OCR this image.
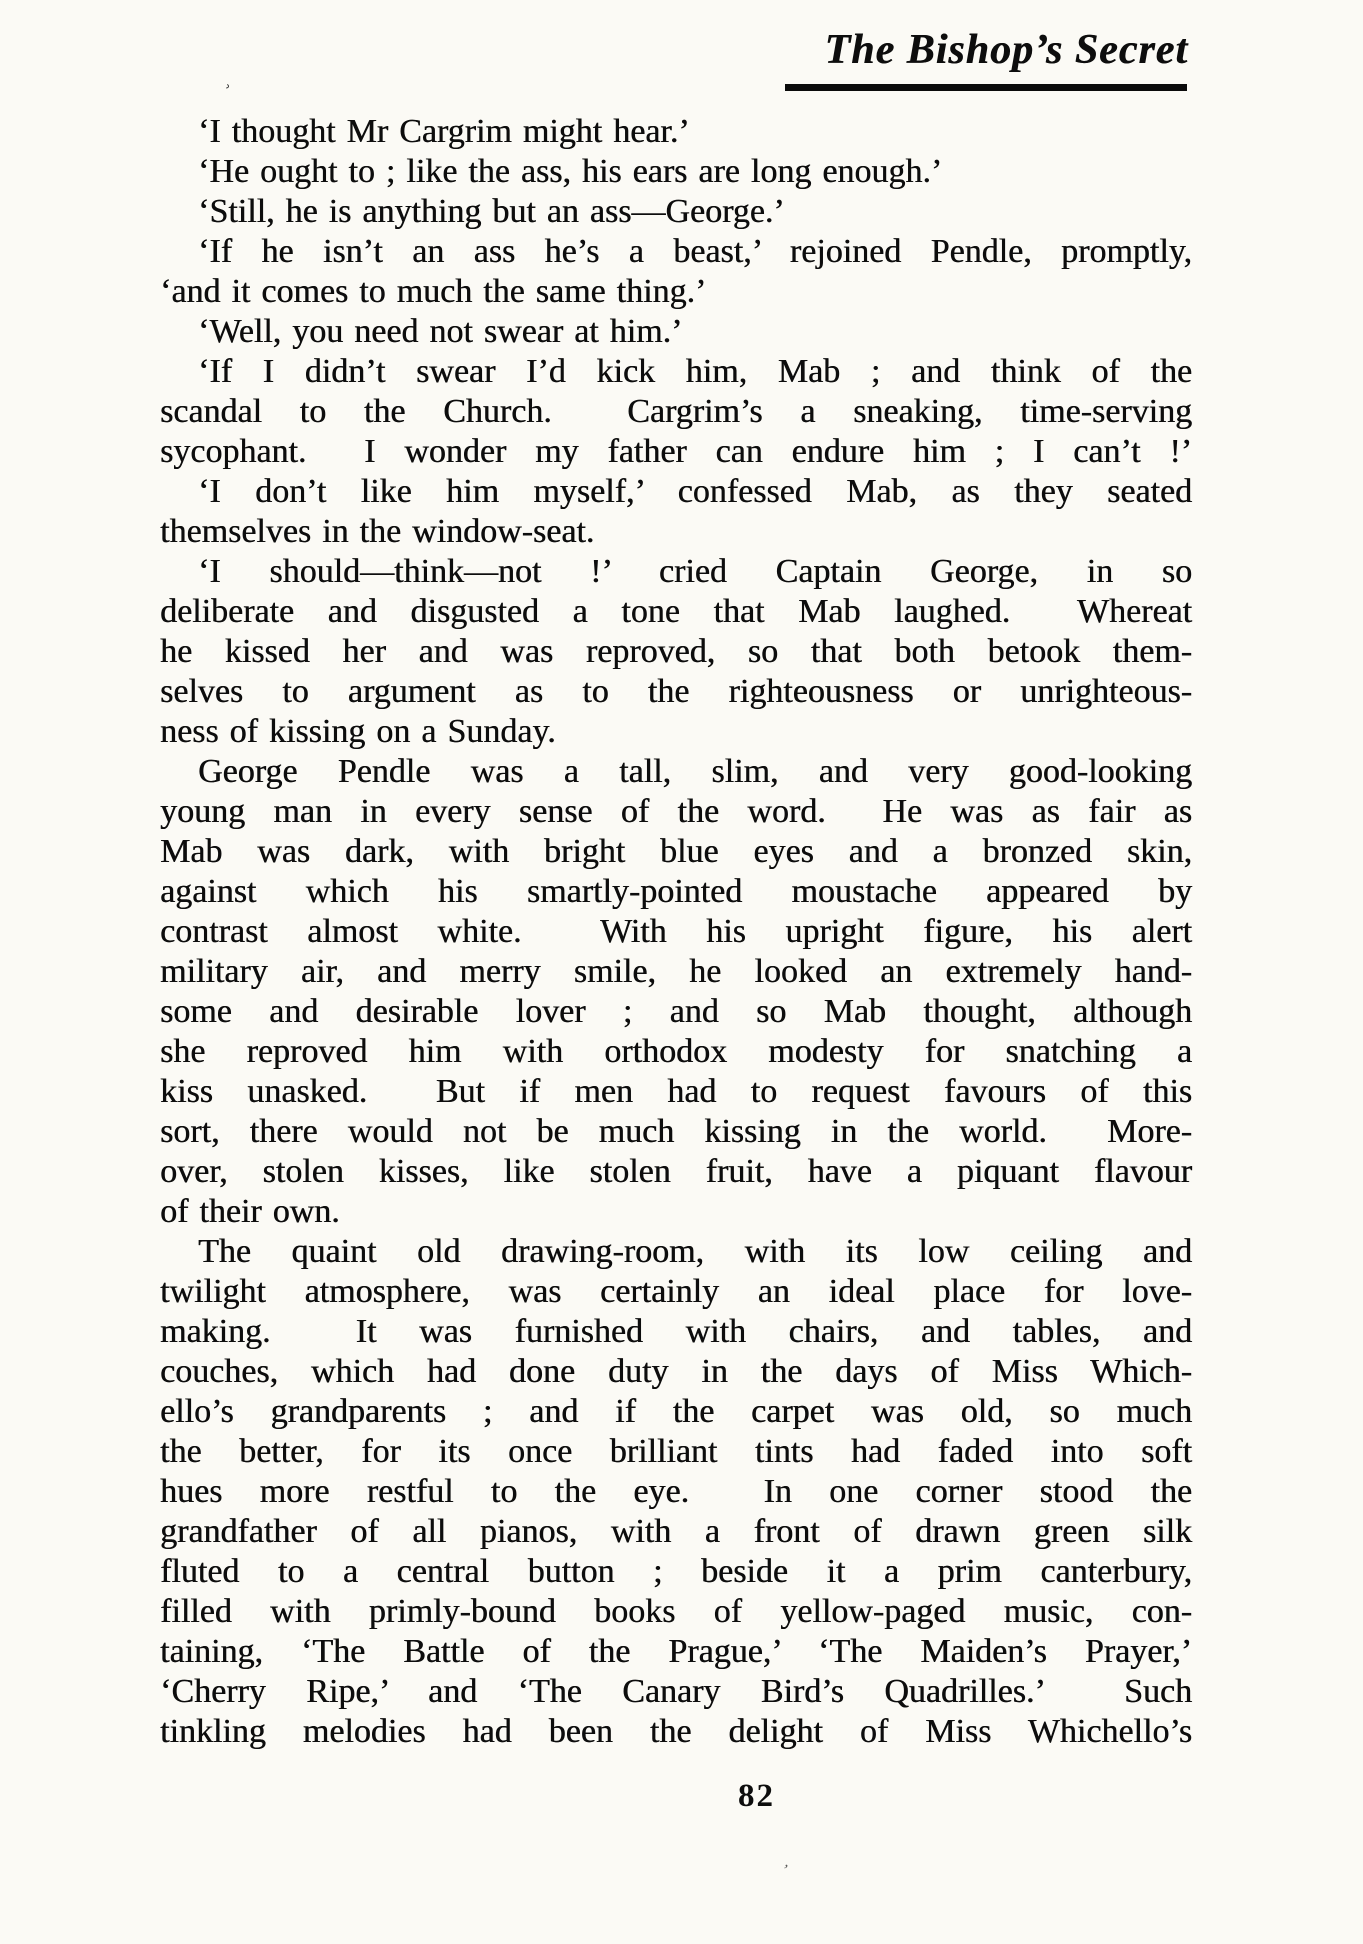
The Bishop’s Secret
ʾ
‘I thought Mr Cargrim might hear.’
‘He ought to ; like the ass, his ears are long enough.’
‘Still, he is anything but an ass—George.’
‘If he isn’t an ass he’s a beast,’ rejoined Pendle, promptly,
‘and it comes to much the same thing.’
‘Well, you need not swear at him.’
‘If I didn’t swear I’d kick him, Mab ; and think of the
scandal to the Church.  Cargrim’s a sneaking, time-serving
sycophant.  I wonder my father can endure him ; I can’t !’
‘I don’t like him myself,’ confessed Mab, as they seated
themselves in the window-seat.
‘I should—think—not !’ cried Captain George, in so
deliberate and disgusted a tone that Mab laughed.  Whereat
he kissed her and was reproved, so that both betook them-
selves to argument as to the righteousness or unrighteous-
ness of kissing on a Sunday.
George Pendle was a tall, slim, and very good-looking
young man in every sense of the word.  He was as fair as
Mab was dark, with bright blue eyes and a bronzed skin,
against which his smartly-pointed moustache appeared by
contrast almost white.  With his upright figure, his alert
military air, and merry smile, he looked an extremely hand-
some and desirable lover ; and so Mab thought, although
she reproved him with orthodox modesty for snatching a
kiss unasked.  But if men had to request favours of this
sort, there would not be much kissing in the world.  More-
over, stolen kisses, like stolen fruit, have a piquant flavour
of their own.
The quaint old drawing-room, with its low ceiling and
twilight atmosphere, was certainly an ideal place for love-
making.  It was furnished with chairs, and tables, and
couches, which had done duty in the days of Miss Which-
ello’s grandparents ; and if the carpet was old, so much
the better, for its once brilliant tints had faded into soft
hues more restful to the eye.  In one corner stood the
grandfather of all pianos, with a front of drawn green silk
fluted to a central button ; beside it a prim canterbury,
filled with primly-bound books of yellow-paged music, con-
taining, ‘The Battle of the Prague,’ ‘The Maiden’s Prayer,’
‘Cherry Ripe,’ and ‘The Canary Bird’s Quadrilles.’  Such
tinkling melodies had been the delight of Miss Whichello’s
’
82
